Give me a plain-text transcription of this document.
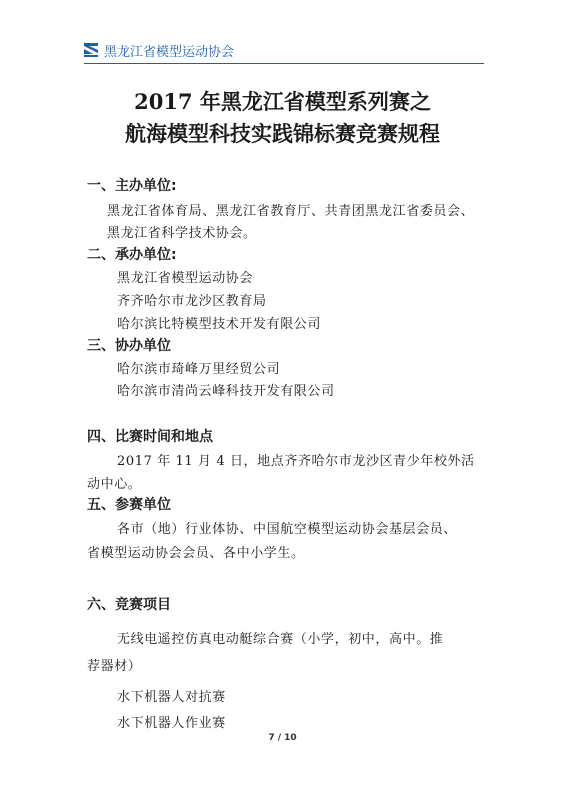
黑龙江省模型运动协会
2017 年黑龙江省模型系列赛之
航海模型科技实践锦标赛竞赛规程
一、主办单位:
黑龙江省体育局、黑龙江省教育厅、共青团黑龙江省委员会、
黑龙江省科学技术协会。
二、承办单位:
黑龙江省模型运动协会
齐齐哈尔市龙沙区教育局
哈尔滨比特模型技术开发有限公司
三、协办单位
哈尔滨市琦峰万里经贸公司
哈尔滨市清尚云峰科技开发有限公司
四、比赛时间和地点
2017 年 11 月 4 日，地点齐齐哈尔市龙沙区青少年校外活
动中心。
五、参赛单位
各市（地）行业体协、中国航空模型运动协会基层会员、
省模型运动协会会员、各中小学生。
六、竞赛项目
无线电遥控仿真电动艇综合赛（小学，初中，高中。推
荐器材）
水下机器人对抗赛
水下机器人作业赛
7 / 10
